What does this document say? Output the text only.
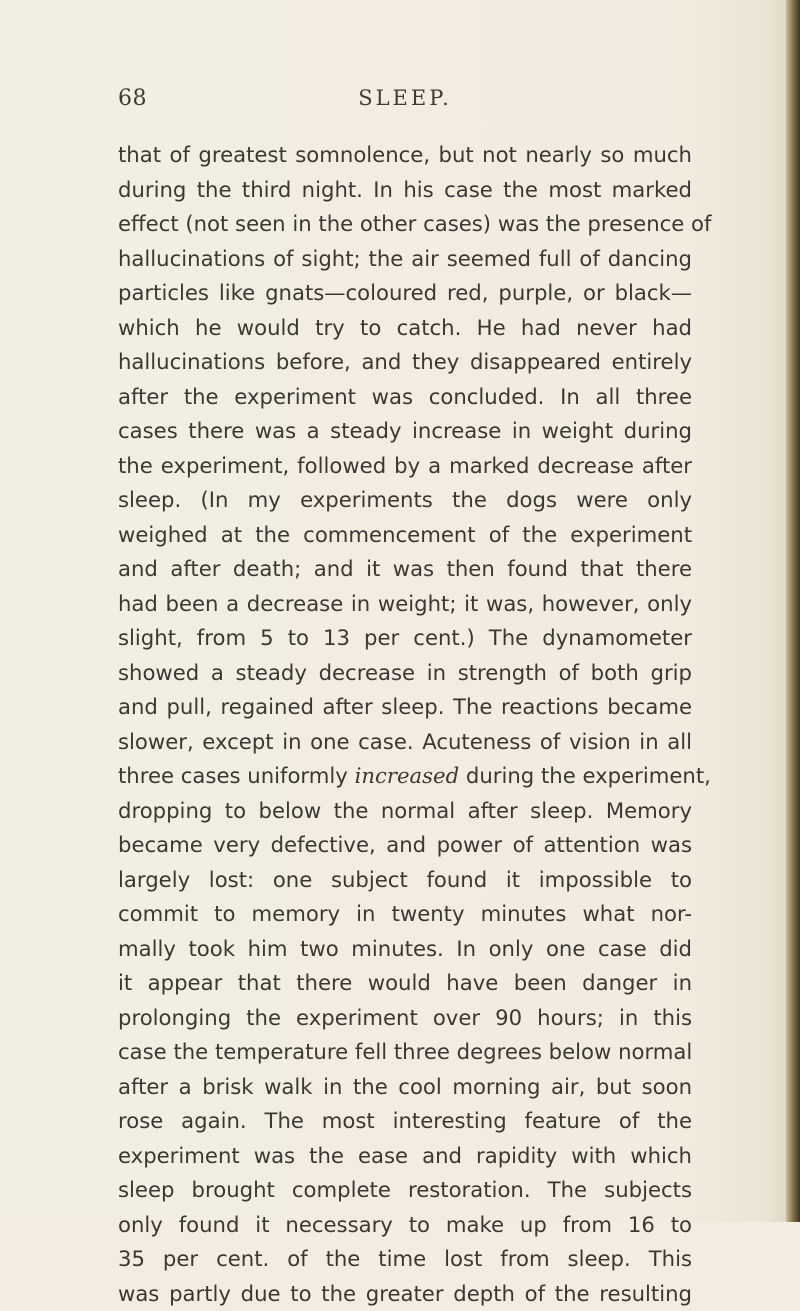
68	SLEEP.
that of greatest somnolence, but not nearly so much
during the third night. In his case the most marked
effect (not seen in the other cases) was the presence of
hallucinations of sight; the air seemed full of dancing
particles like gnats—coloured red, purple, or black—
which he would try to catch. He had never had
hallucinations before, and they disappeared entirely
after the experiment was concluded. In all three
cases there was a steady increase in weight during
the experiment, followed by a marked decrease after
sleep. (In my experiments the dogs were only
weighed at the commencement of the experiment
and after death; and it was then found that there
had been a decrease in weight; it was, however, only
slight, from 5 to 13 per cent.) The dynamometer
showed a steady decrease in strength of both grip
and pull, regained after sleep. The reactions became
slower, except in one case. Acuteness of vision in all
three cases uniformly increased during the experiment,
dropping to below the normal after sleep. Memory
became very defective, and power of attention was
largely lost: one subject found it impossible to
commit to memory in twenty minutes what nor-
mally took him two minutes. In only one case did
it appear that there would have been danger in
prolonging the experiment over 90 hours; in this
case the temperature fell three degrees below normal
after a brisk walk in the cool morning air, but soon
rose again. The most interesting feature of the
experiment was the ease and rapidity with which
sleep brought complete restoration. The subjects
only found it necessary to make up from 16 to
35 per cent. of the time lost from sleep. This
was partly due to the greater depth of the resulting
